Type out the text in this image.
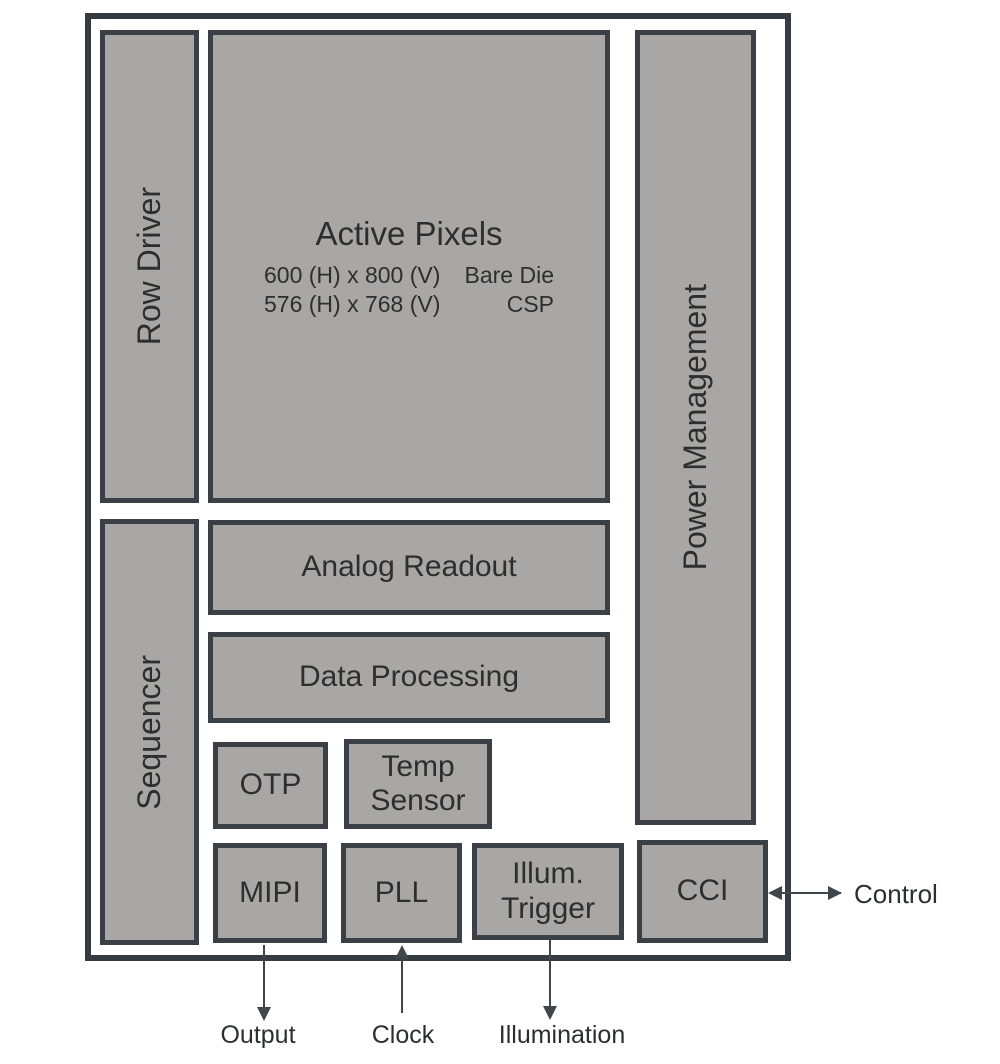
Row Driver
Sequencer
Active Pixels
600 (H) x 800 (V) Bare Die
576 (H) x 768 (V)	CSP	Power Management
Analog Readout
Data Processing
OTP
Temp Sensor
MIPI PLL
Illum. Trigger
CCI	Control
Output	Clock	Illumination
